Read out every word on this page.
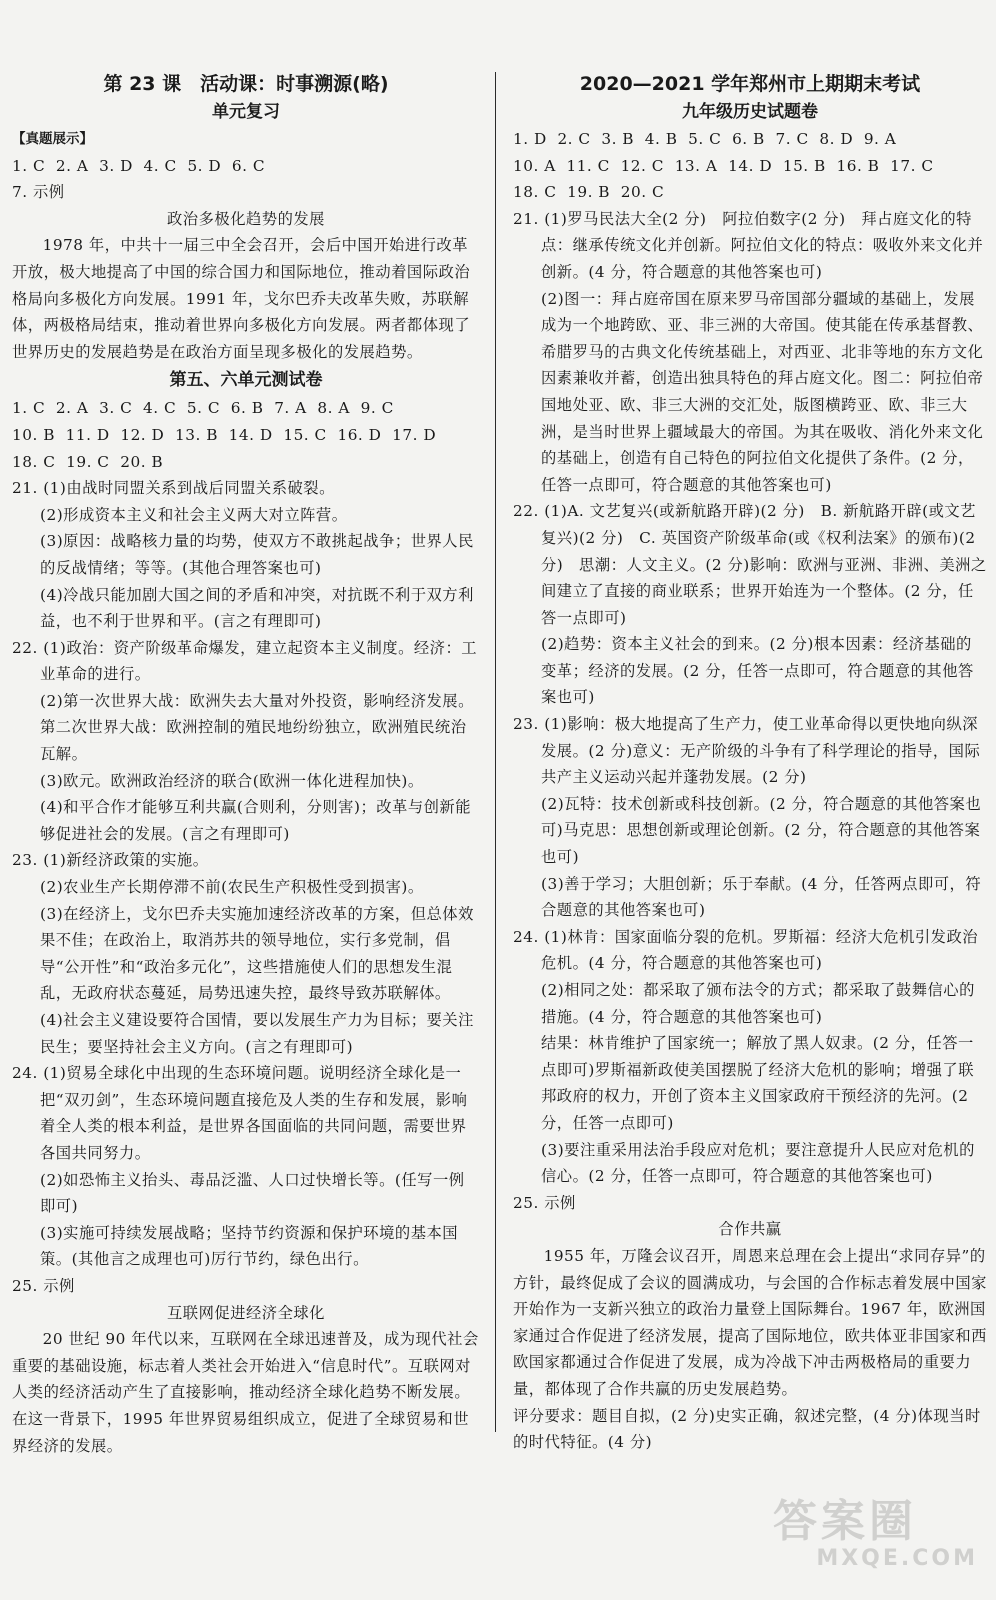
第 23 课　活动课：时事溯源(略)
单元复习

【真题展示】

1. C  2. A  3. D  4. C  5. D  6. C

7. 示例

政治多极化趋势的发展

1978 年，中共十一届三中全会召开，会后中国开始进行改革开放，极大地提高了中国的综合国力和国际地位，推动着国际政治格局向多极化方向发展。1991 年，戈尔巴乔夫改革失败，苏联解体，两极格局结束，推动着世界向多极化方向发展。两者都体现了世界历史的发展趋势是在政治方面呈现多极化的发展趋势。

第五、六单元测试卷

1. C  2. A  3. C  4. C  5. C  6. B  7. A  8. A  9. C

10. B  11. D  12. D  13. B  14. D  15. C  16. D  17. D

18. C  19. C  20. B

21. (1)由战时同盟关系到战后同盟关系破裂。

(2)形成资本主义和社会主义两大对立阵营。

(3)原因：战略核力量的均势，使双方不敢挑起战争；世界人民的反战情绪；等等。(其他合理答案也可)

(4)冷战只能加剧大国之间的矛盾和冲突，对抗既不利于双方利益，也不利于世界和平。(言之有理即可)

22. (1)政治：资产阶级革命爆发，建立起资本主义制度。经济：工业革命的进行。

(2)第一次世界大战：欧洲失去大量对外投资，影响经济发展。第二次世界大战：欧洲控制的殖民地纷纷独立，欧洲殖民统治瓦解。

(3)欧元。欧洲政治经济的联合(欧洲一体化进程加快)。

(4)和平合作才能够互利共赢(合则利，分则害)；改革与创新能够促进社会的发展。(言之有理即可)

23. (1)新经济政策的实施。

(2)农业生产长期停滞不前(农民生产积极性受到损害)。

(3)在经济上，戈尔巴乔夫实施加速经济改革的方案，但总体效果不佳；在政治上，取消苏共的领导地位，实行多党制，倡导“公开性”和“政治多元化”，这些措施使人们的思想发生混乱，无政府状态蔓延，局势迅速失控，最终导致苏联解体。

(4)社会主义建设要符合国情，要以发展生产力为目标；要关注民生；要坚持社会主义方向。(言之有理即可)

24. (1)贸易全球化中出现的生态环境问题。说明经济全球化是一把“双刃剑”，生态环境问题直接危及人类的生存和发展，影响着全人类的根本利益，是世界各国面临的共同问题，需要世界各国共同努力。

(2)如恐怖主义抬头、毒品泛滥、人口过快增长等。(任写一例即可)

(3)实施可持续发展战略；坚持节约资源和保护环境的基本国策。(其他言之成理也可)厉行节约，绿色出行。

25. 示例

互联网促进经济全球化

20 世纪 90 年代以来，互联网在全球迅速普及，成为现代社会重要的基础设施，标志着人类社会开始进入“信息时代”。互联网对人类的经济活动产生了直接影响，推动经济全球化趋势不断发展。在这一背景下，1995 年世界贸易组织成立，促进了全球贸易和世界经济的发展。

2020—2021 学年郑州市上期期末考试
九年级历史试题卷

1. D  2. C  3. B  4. B  5. C  6. B  7. C  8. D  9. A

10. A  11. C  12. C  13. A  14. D  15. B  16. B  17. C

18. C  19. B  20. C

21. (1)罗马民法大全(2 分)　阿拉伯数字(2 分)　拜占庭文化的特点：继承传统文化并创新。阿拉伯文化的特点：吸收外来文化并创新。(4 分，符合题意的其他答案也可)

(2)图一：拜占庭帝国在原来罗马帝国部分疆域的基础上，发展成为一个地跨欧、亚、非三洲的大帝国。使其能在传承基督教、希腊罗马的古典文化传统基础上，对西亚、北非等地的东方文化因素兼收并蓄，创造出独具特色的拜占庭文化。图二：阿拉伯帝国地处亚、欧、非三大洲的交汇处，版图横跨亚、欧、非三大洲，是当时世界上疆域最大的帝国。为其在吸收、消化外来文化的基础上，创造有自己特色的阿拉伯文化提供了条件。(2 分，任答一点即可，符合题意的其他答案也可)

22. (1)A. 文艺复兴(或新航路开辟)(2 分)　B. 新航路开辟(或文艺复兴)(2 分)　C. 英国资产阶级革命(或《权利法案》的颁布)(2 分)　思潮：人文主义。(2 分)影响：欧洲与亚洲、非洲、美洲之间建立了直接的商业联系；世界开始连为一个整体。(2 分，任答一点即可)

(2)趋势：资本主义社会的到来。(2 分)根本因素：经济基础的变革；经济的发展。(2 分，任答一点即可，符合题意的其他答案也可)

23. (1)影响：极大地提高了生产力，使工业革命得以更快地向纵深发展。(2 分)意义：无产阶级的斗争有了科学理论的指导，国际共产主义运动兴起并蓬勃发展。(2 分)

(2)瓦特：技术创新或科技创新。(2 分，符合题意的其他答案也可)马克思：思想创新或理论创新。(2 分，符合题意的其他答案也可)

(3)善于学习；大胆创新；乐于奉献。(4 分，任答两点即可，符合题意的其他答案也可)

24. (1)林肯：国家面临分裂的危机。罗斯福：经济大危机引发政治危机。(4 分，符合题意的其他答案也可)

(2)相同之处：都采取了颁布法令的方式；都采取了鼓舞信心的措施。(4 分，符合题意的其他答案也可)

结果：林肯维护了国家统一；解放了黑人奴隶。(2 分，任答一点即可)罗斯福新政使美国摆脱了经济大危机的影响；增强了联邦政府的权力，开创了资本主义国家政府干预经济的先河。(2 分，任答一点即可)

(3)要注重采用法治手段应对危机；要注意提升人民应对危机的信心。(2 分，任答一点即可，符合题意的其他答案也可)

25. 示例

合作共赢

1955 年，万隆会议召开，周恩来总理在会上提出“求同存异”的方针，最终促成了会议的圆满成功，与会国的合作标志着发展中国家开始作为一支新兴独立的政治力量登上国际舞台。1967 年，欧洲国家通过合作促进了经济发展，提高了国际地位，欧共体亚非国家和西欧国家都通过合作促进了发展，成为冷战下冲击两极格局的重要力量，都体现了合作共赢的历史发展趋势。

评分要求：题目自拟，(2 分)史实正确，叙述完整，(4 分)体现当时的时代特征。(4 分)

答案圈
MXQE.COM
